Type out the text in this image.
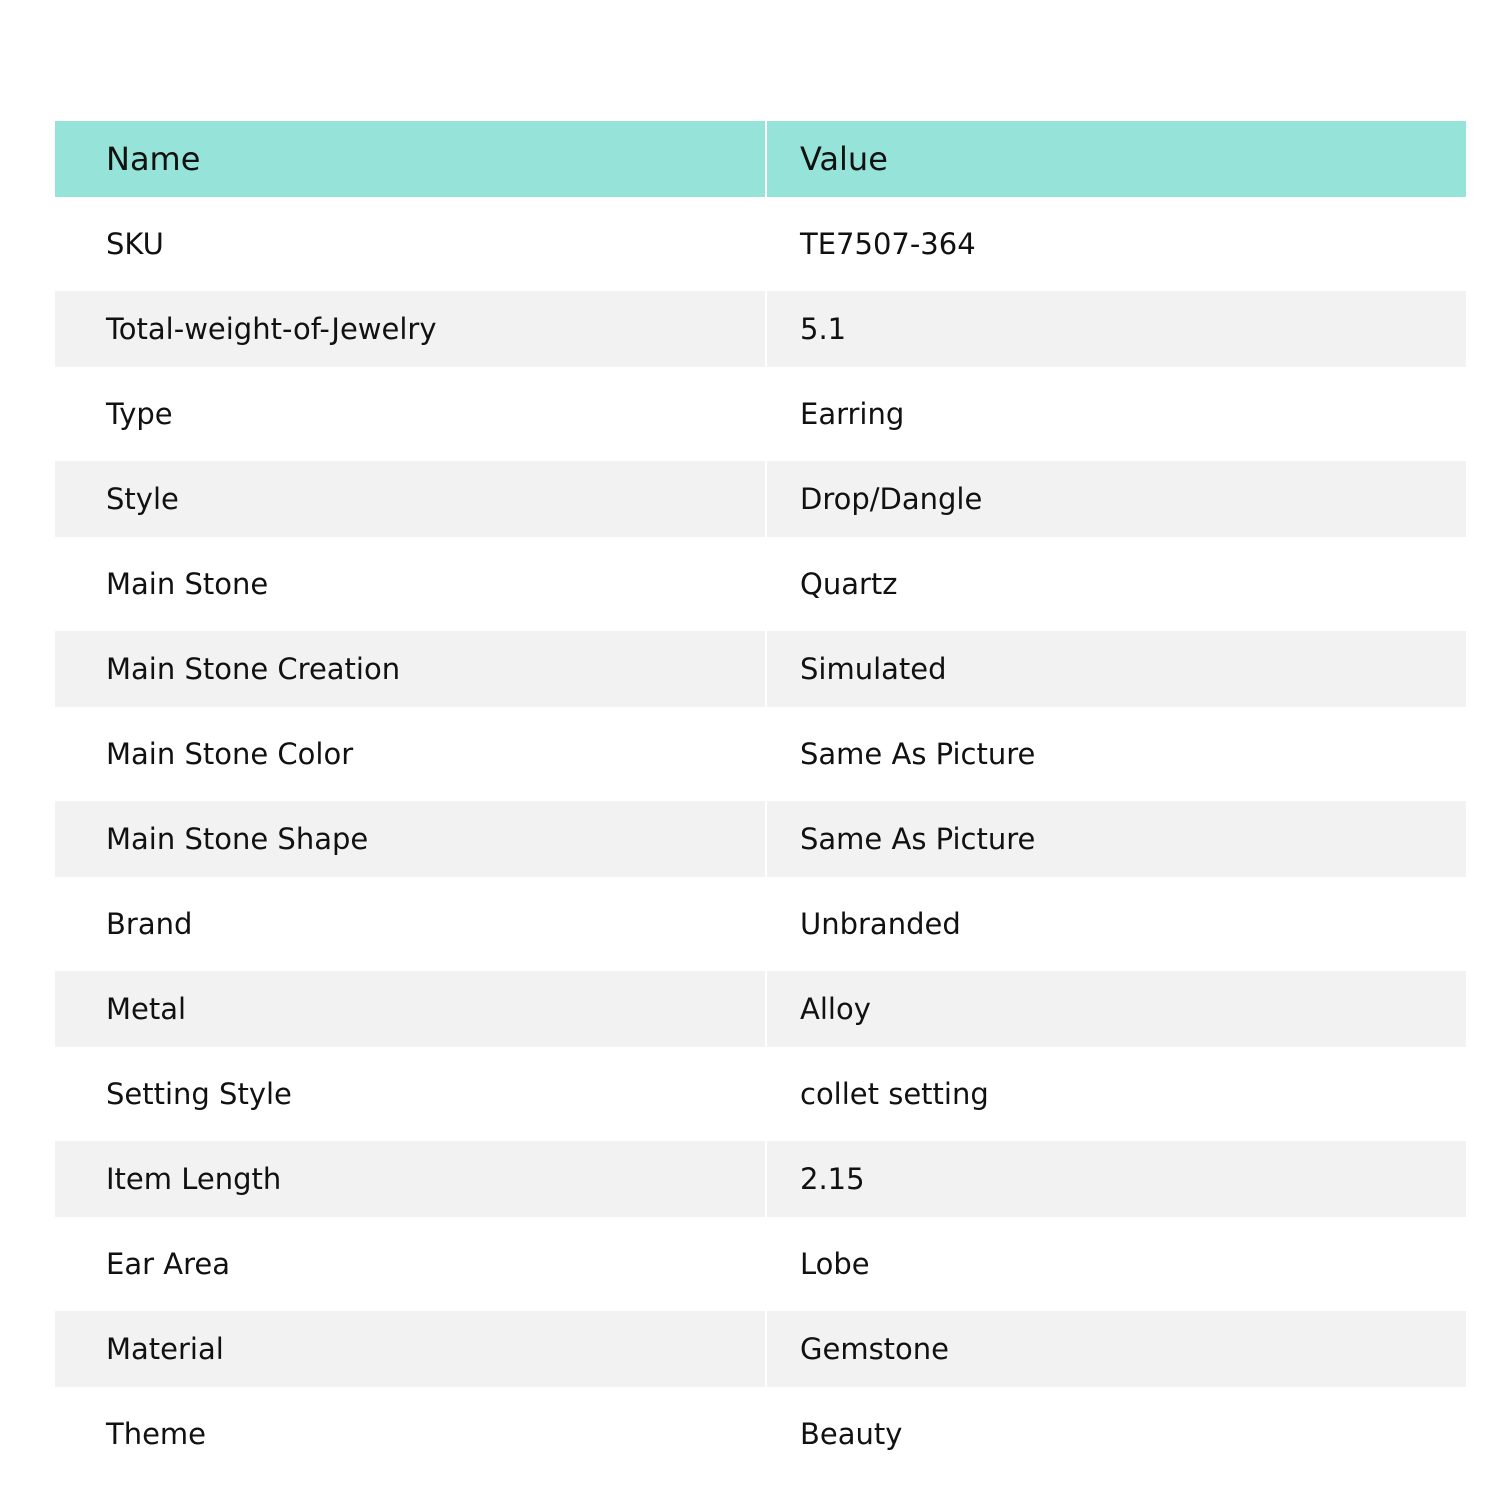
Name	Value
SKU	TE7507-364
Total-weight-of-Jewelry	5.1
Type	Earring
Style	Drop/Dangle
Main Stone	Quartz
Main Stone Creation	Simulated
Main Stone Color	Same As Picture
Main Stone Shape	Same As Picture
Brand	Unbranded
Metal	Alloy
Setting Style	collet setting
Item Length	2.15
Ear Area	Lobe
Material	Gemstone
Theme	Beauty
